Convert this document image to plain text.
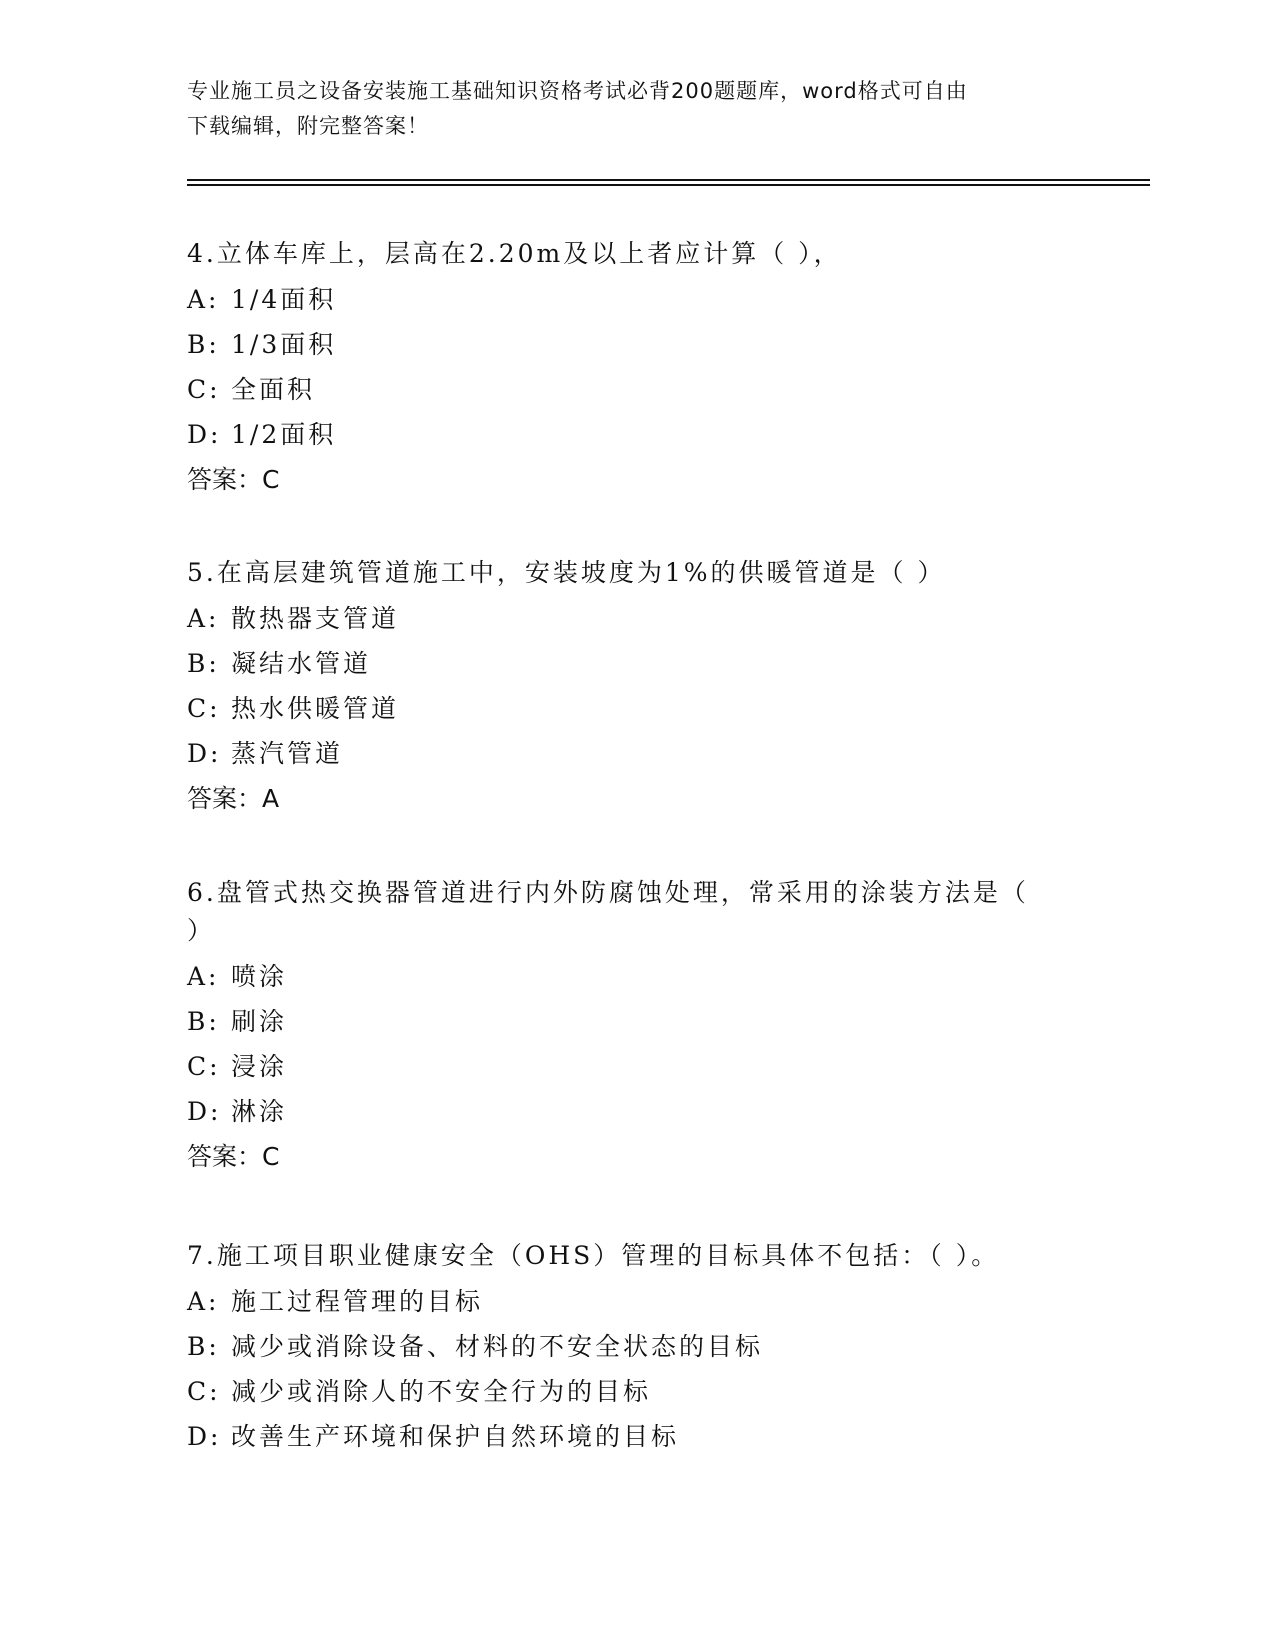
专业施工员之设备安装施工基础知识资格考试必背200题题库，word格式可自由
下载编辑，附完整答案！

4.立体车库上，层高在2.20m及以上者应计算（ ），

A: 1/4面积

B: 1/3面积

C: 全面积

D: 1/2面积

答案：C

5.在高层建筑管道施工中，安装坡度为1%的供暖管道是（ ）

A: 散热器支管道

B: 凝结水管道

C: 热水供暖管道

D: 蒸汽管道

答案：A

6.盘管式热交换器管道进行内外防腐蚀处理，常采用的涂装方法是（

）

A: 喷涂

B: 刷涂

C: 浸涂

D: 淋涂

答案：C

7.施工项目职业健康安全（OHS）管理的目标具体不包括：（ ）。

A: 施工过程管理的目标

B: 减少或消除设备、材料的不安全状态的目标

C: 减少或消除人的不安全行为的目标

D: 改善生产环境和保护自然环境的目标
